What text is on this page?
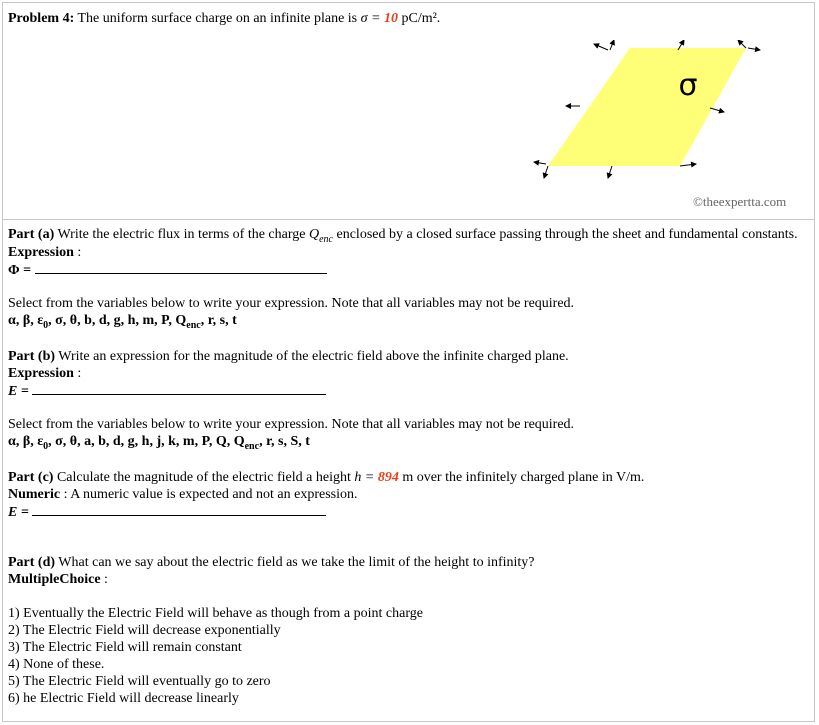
Problem 4: The uniform surface charge on an infinite plane is σ = 10 pC/m².
σ
©theexpertta.com
Part (a) Write the electric flux in terms of the charge $Q_{enc}$ enclosed by a closed surface passing through the sheet and fundamental constants.
Expression :
Φ =
Select from the variables below to write your expression. Note that all variables may not be required.
α, β, $\varepsilon_0$, σ, θ, b, d, g, h, m, P, $Q_{enc}$, r, s, t
Part (b) Write an expression for the magnitude of the electric field above the infinite charged plane.
Expression :
E =
Select from the variables below to write your expression. Note that all variables may not be required.
α, β, $\varepsilon_0$, σ, θ, a, b, d, g, h, j, k, m, P, Q, $Q_{enc}$, r, s, S, t
Part (c) Calculate the magnitude of the electric field a height h = 894 m over the infinitely charged plane in V/m.
Numeric : A numeric value is expected and not an expression.
E =
Part (d) What can we say about the electric field as we take the limit of the height to infinity?
MultipleChoice :
1) Eventually the Electric Field will behave as though from a point charge
2) The Electric Field will decrease exponentially
3) The Electric Field will remain constant
4) None of these.
5) The Electric Field will eventually go to zero
6) he Electric Field will decrease linearly
